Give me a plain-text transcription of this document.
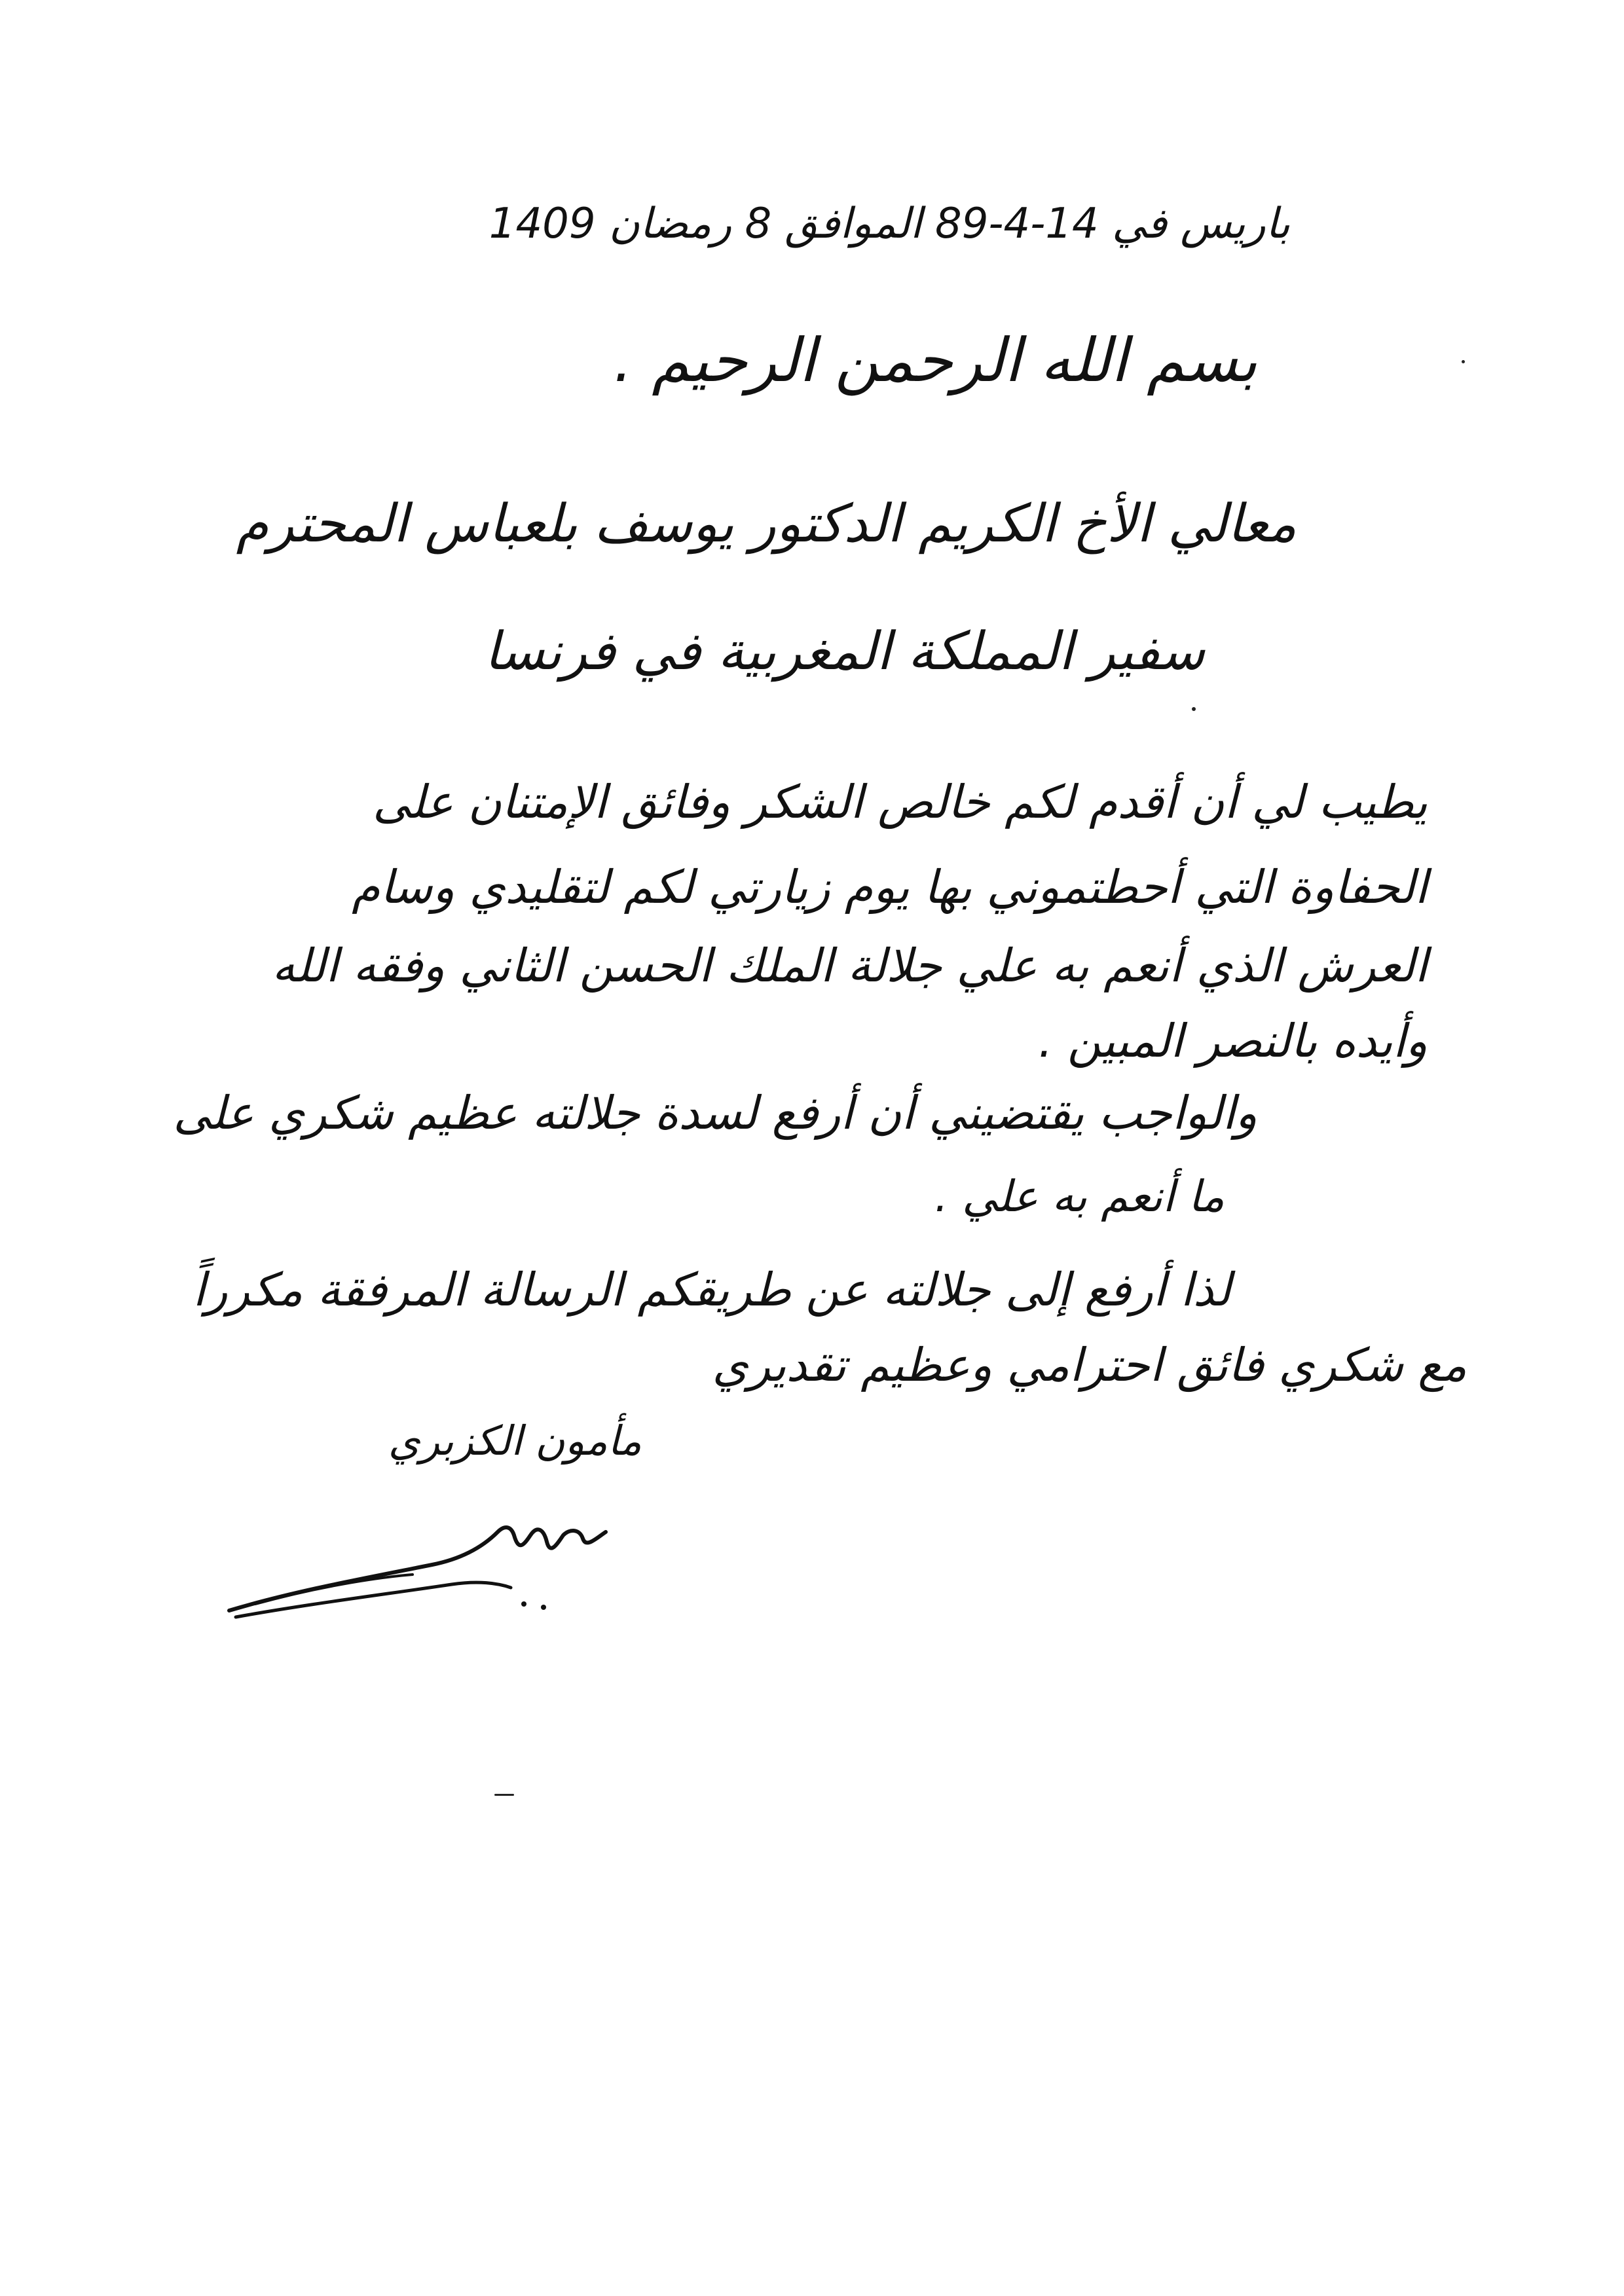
باريس في 14-4-89 الموافق 8 رمضان 1409
بسم الله الرحمن الرحيم .
معالي الأخ الكريم الدكتور يوسف بلعباس المحترم
سفير المملكة المغربية في فرنسا
يطيب لي أن أقدم لكم خالص الشكر وفائق الإمتنان على
الحفاوة التي أحطتموني بها يوم زيارتي لكم لتقليدي وسام
العرش الذي أنعم به علي جلالة الملك الحسن الثاني وفقه الله
وأيده بالنصر المبين .
والواجب يقتضيني أن أرفع لسدة جلالته عظيم شكري على
ما أنعم به علي .
لذا أرفع إلى جلالته عن طريقكم الرسالة المرفقة مكرراً
مع شكري فائق احترامي وعظيم تقديري
مأمون الكزبري
